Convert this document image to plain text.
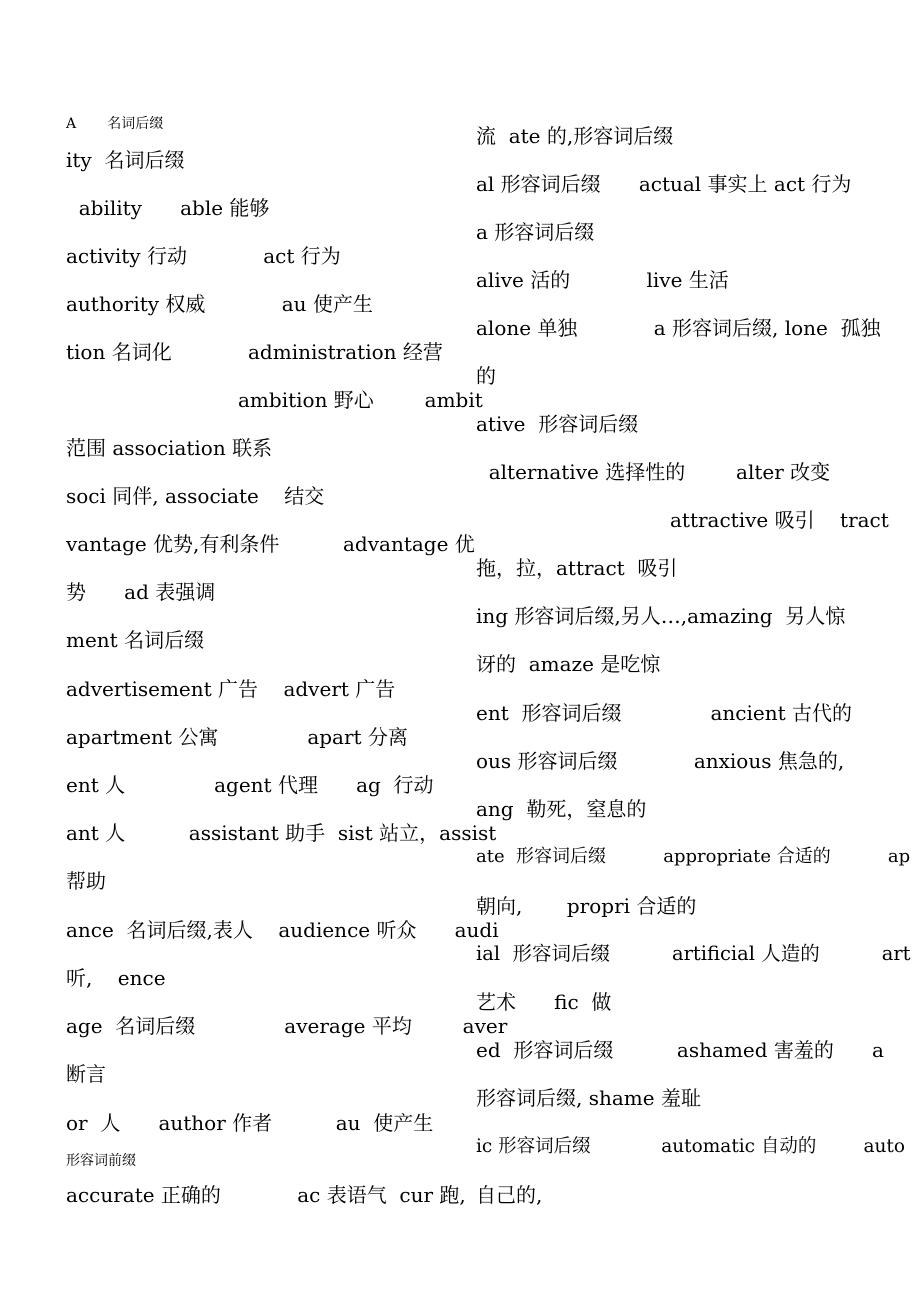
A       名词后缀
ity  名词后缀
ability      able 能够
activity 行动            act 行为
authority 权威            au 使产生
tion 名词化            administration 经营
ambition 野心        ambit
范围 association 联系
soci 同伴, associate    结交
vantage 优势,有利条件          advantage 优
势      ad 表强调
ment 名词后缀
advertisement 广告    advert 广告
apartment 公寓              apart 分离
ent 人              agent 代理      ag  行动
ant 人          assistant 助手  sist 站立，assist
帮助
ance  名词后缀,表人    audience 听众      audi
听,    ence
age  名词后缀              average 平均        aver
断言
or  人      author 作者          au  使产生
形容词前缀
accurate 正确的            ac 表语气  cur 跑,
流  ate 的,形容词后缀
al 形容词后缀      actual 事实上 act 行为
a 形容词后缀
alive 活的            live 生活
alone 单独            a 形容词后缀, lone  孤独
的
ative  形容词后缀
alternative 选择性的        alter 改变
attractive 吸引    tract
拖，拉，attract  吸引
ing 形容词后缀,另人…,amazing  另人惊
讶的  amaze 是吃惊
ent  形容词后缀              ancient 古代的
ous 形容词后缀            anxious 焦急的,
ang  勒死，窒息的
ate  形容词后缀          appropriate 合适的          ap
朝向,       propri 合适的
ial  形容词后缀          artificial 人造的          art
艺术      fic  做
ed  形容词后缀          ashamed 害羞的      a
形容词后缀, shame 羞耻
ic 形容词后缀            automatic 自动的        auto
自己的,
